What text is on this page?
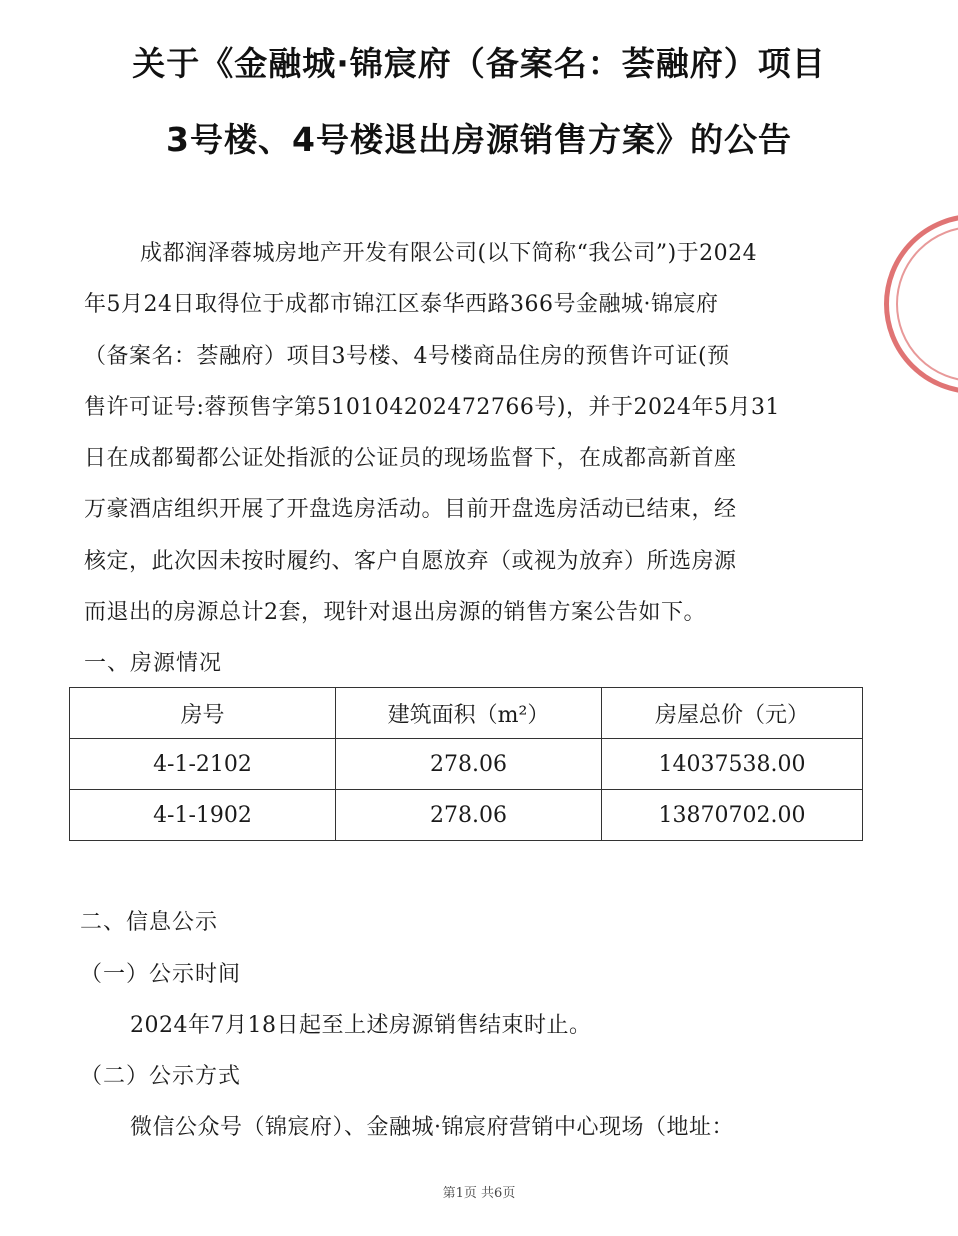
关于《金融城·锦宸府（备案名：荟融府）项目
3号楼、4号楼退出房源销售方案》的公告
成都润泽蓉城房地产开发有限公司(以下简称“我公司”)于2024
年5月24日取得位于成都市锦江区泰华西路366号金融城·锦宸府
（备案名：荟融府）项目3号楼、4号楼商品住房的预售许可证(预
售许可证号:蓉预售字第510104202472766号)，并于2024年5月31
日在成都蜀都公证处指派的公证员的现场监督下，在成都高新首座
万豪酒店组织开展了开盘选房活动。目前开盘选房活动已结束，经
核定，此次因未按时履约、客户自愿放弃（或视为放弃）所选房源
而退出的房源总计2套，现针对退出房源的销售方案公告如下。
一、房源情况
房号	建筑面积（m²）	房屋总价（元）
4-1-2102	278.06	14037538.00
4-1-1902	278.06	13870702.00
二、信息公示
（一）公示时间
2024年7月18日起至上述房源销售结束时止。
（二）公示方式
微信公众号（锦宸府）、金融城·锦宸府营销中心现场（地址：
第1页 共6页
